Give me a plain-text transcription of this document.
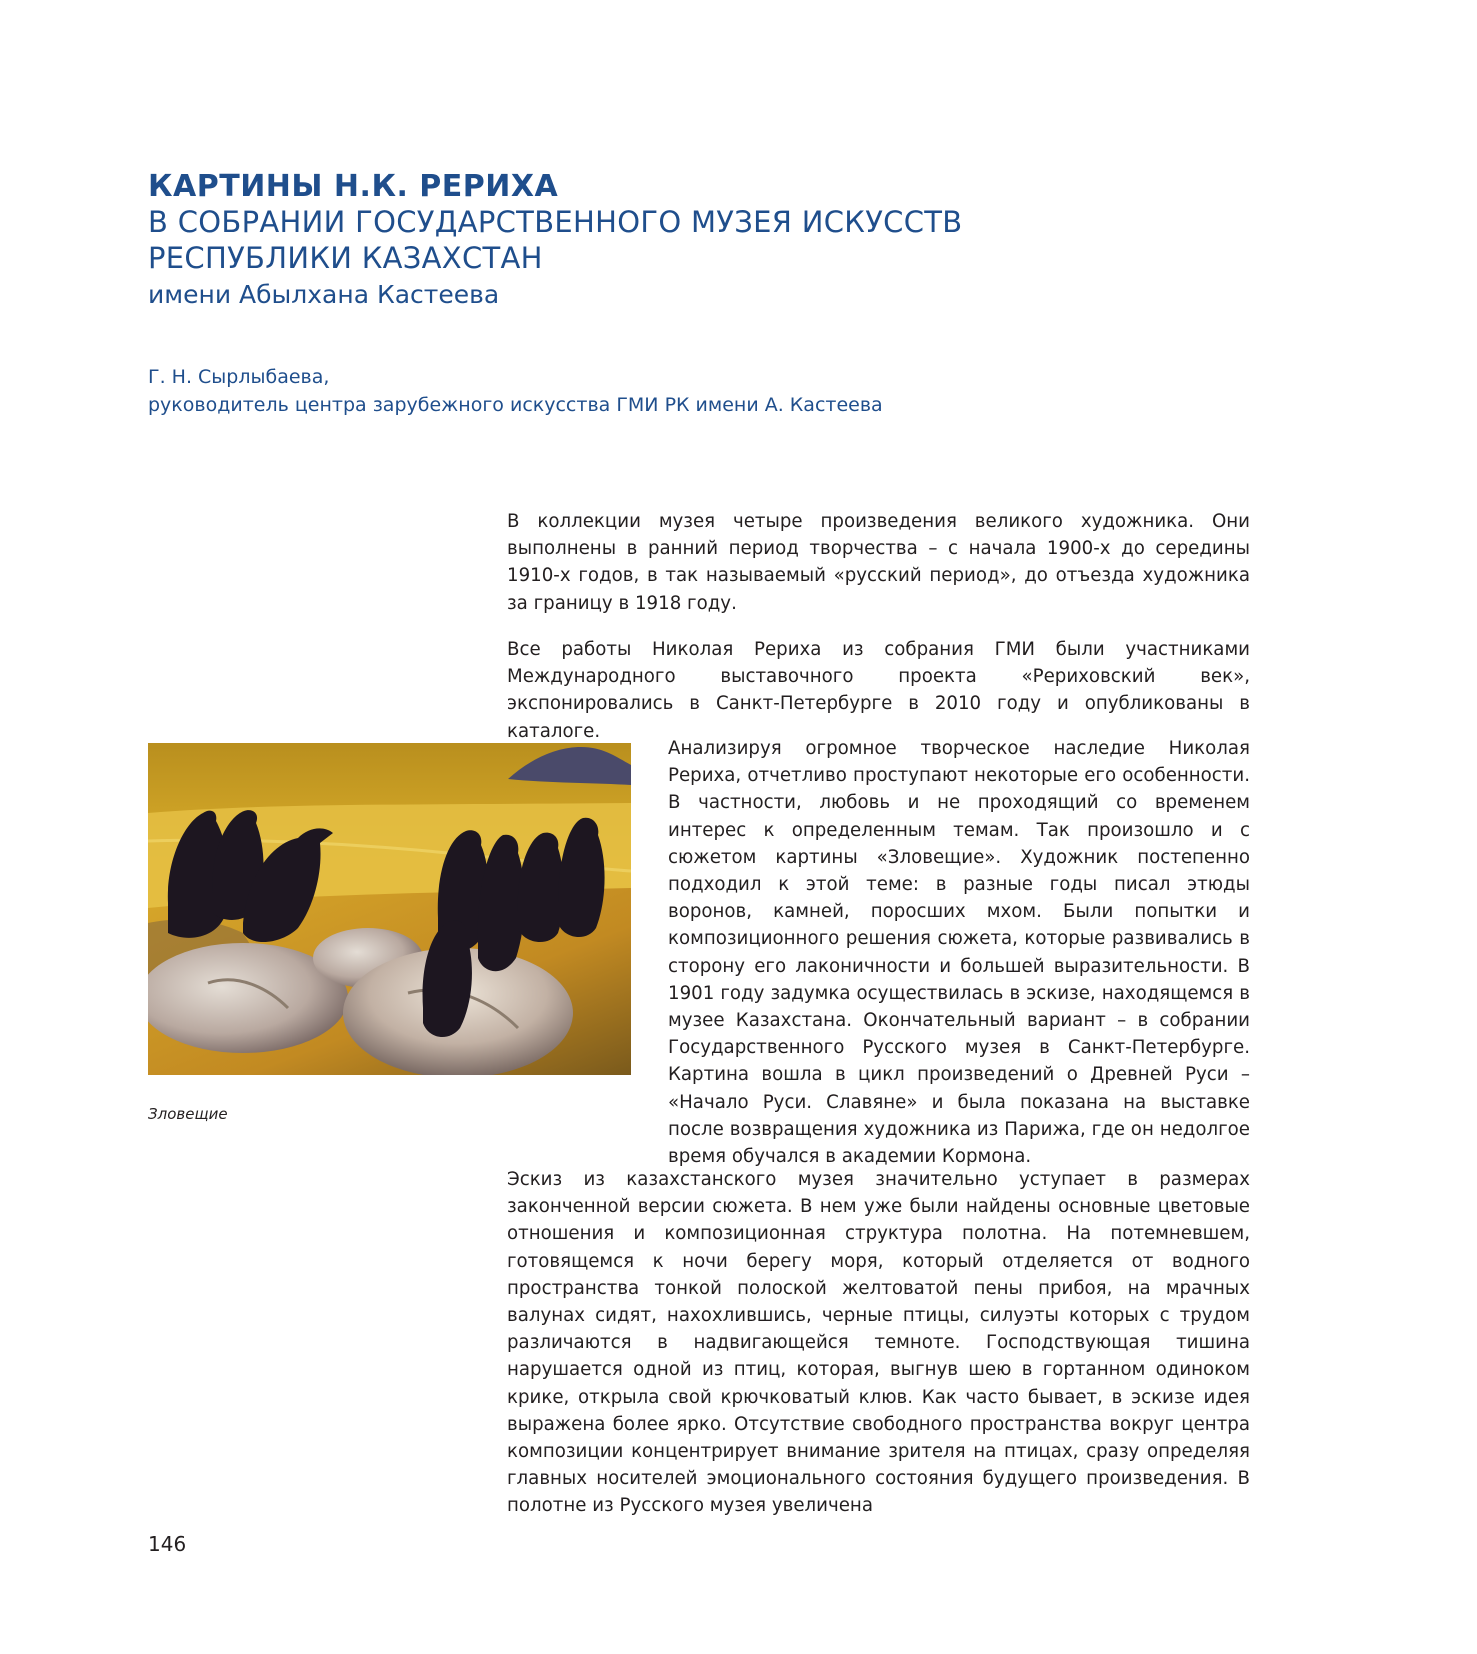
КАРТИНЫ Н.К. РЕРИХА
В СОБРАНИИ ГОСУДАРСТВЕННОГО МУЗЕЯ ИСКУССТВ
РЕСПУБЛИКИ КАЗАХСТАН
имени Абылхана Кастеева
Г. Н. Сырлыбаева,
руководитель центра зарубежного искусства ГМИ РК имени А. Кастеева

В коллекции музея четыре произведения великого художника. Они выполнены в ранний период творчества – с начала 1900-х до середины 1910-х годов, в так называемый «русский период», до отъезда художника за границу в 1918 году.

Все работы Николая Рериха из собрания ГМИ были участниками Международного выставочного проекта «Рериховский век», экспонировались в Санкт-Петербурге в 2010 году и опубликованы в каталоге.

Анализируя огромное творческое наследие Николая Рериха, отчетливо проступают некоторые его особенности. В частности, любовь и не проходящий со временем интерес к определенным темам. Так произошло и с сюжетом картины «Зловещие». Художник постепенно подходил к этой теме: в разные годы писал этюды воронов, камней, поросших мхом. Были попытки и композиционного решения сюжета, которые развивались в сторону его лаконичности и большей выразительности. В 1901 году задумка осуществилась в эскизе, находящемся в музее Казахстана. Окончательный вариант – в собрании Государственного Русского музея в Санкт-Петербурге. Картина вошла в цикл произведений о Древней Руси – «Начало Руси. Славяне» и была показана на выставке после возвращения художника из Парижа, где он недолгое время обучался в академии Кормона.

Зловещие

Эскиз из казахстанского музея значительно уступает в размерах законченной версии сюжета. В нем уже были найдены основные цветовые отношения и композиционная структура полотна. На потемневшем, готовящемся к ночи берегу моря, который отделяется от водного пространства тонкой полоской желтоватой пены прибоя, на мрачных валунах сидят, нахохлившись, черные птицы, силуэты которых с трудом различаются в надвигающейся темноте. Господствующая тишина нарушается одной из птиц, которая, выгнув шею в гортанном одиноком крике, открыла свой крючковатый клюв. Как часто бывает, в эскизе идея выражена более ярко. Отсутствие свободного пространства вокруг центра композиции концентрирует внимание зрителя на птицах, сразу определяя главных носителей эмоционального состояния будущего произведения. В полотне из Русского музея увеличена

146
